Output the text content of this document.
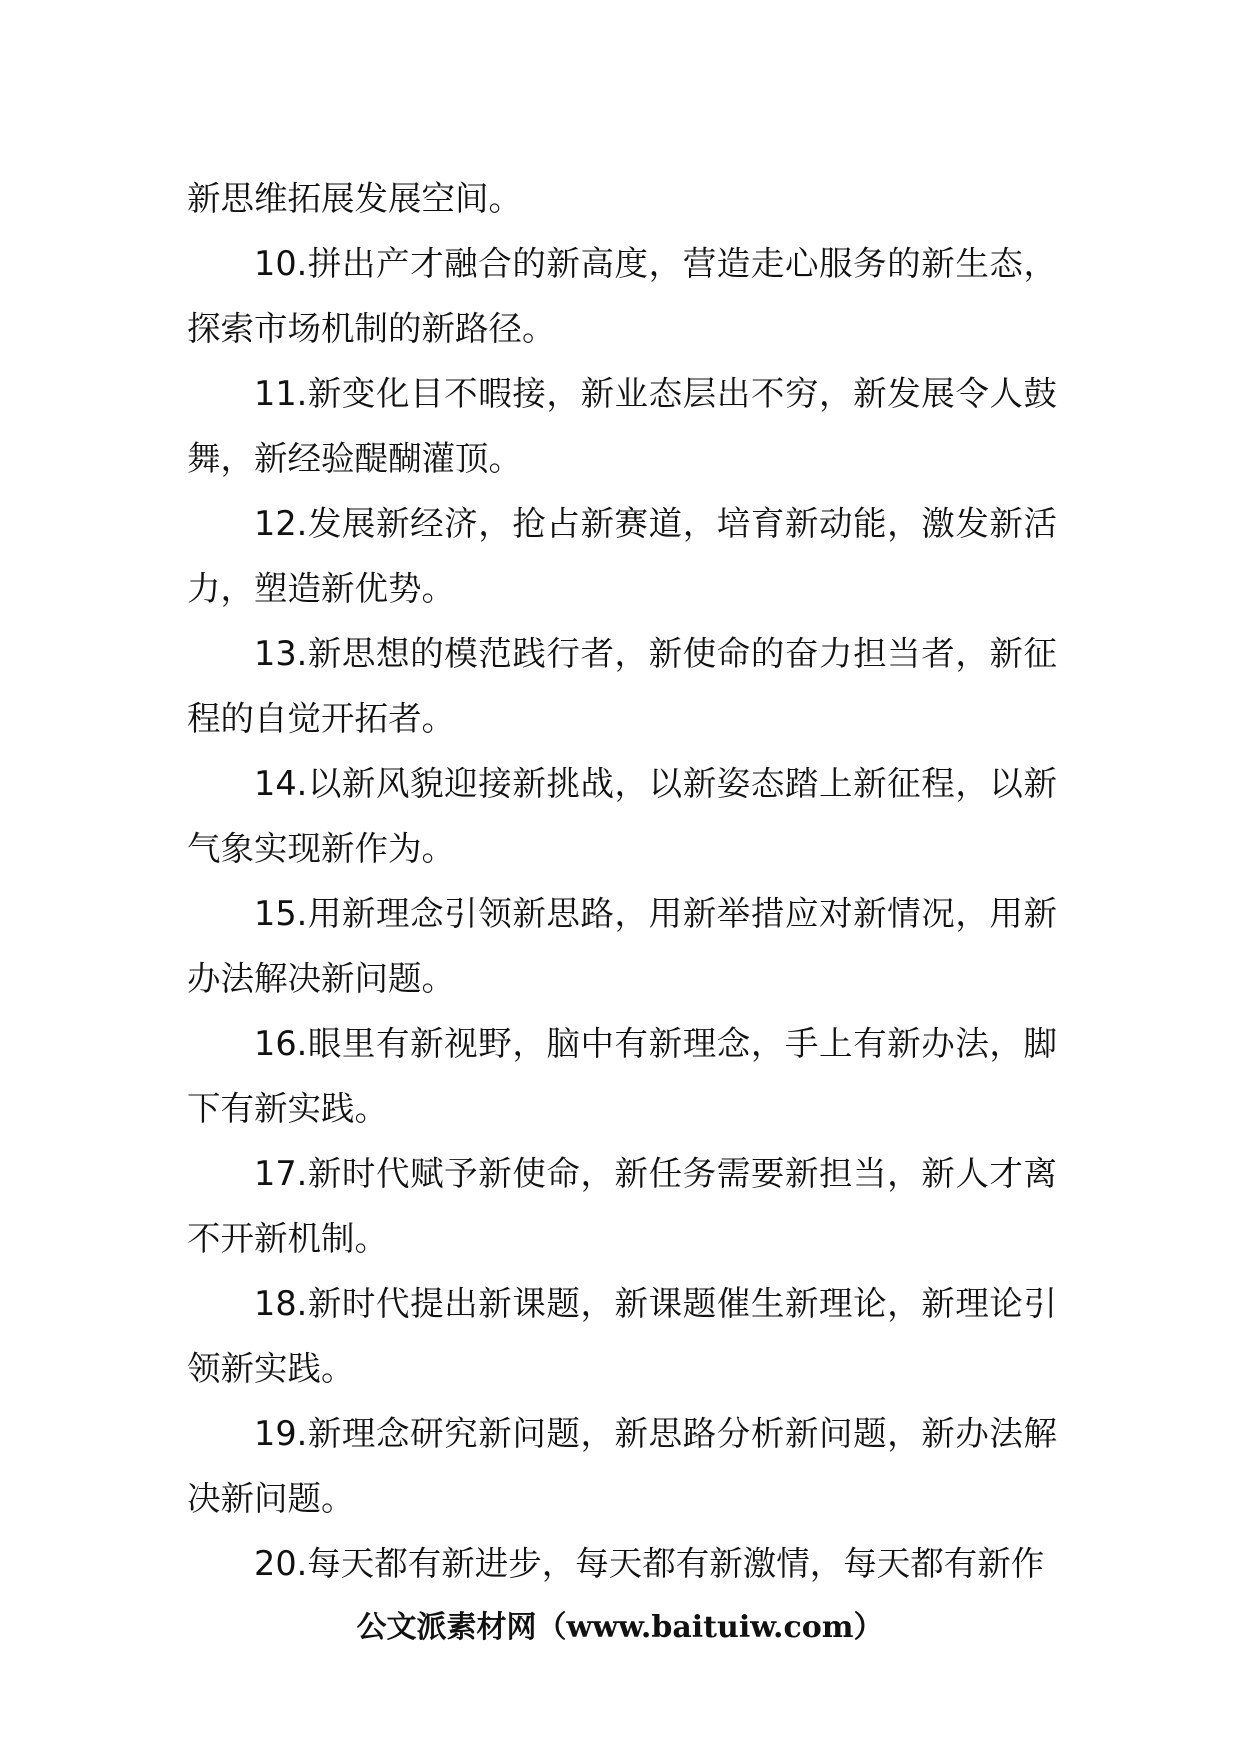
新思维拓展发展空间。

10.拼出产才融合的新高度，营造走心服务的新生态，探索市场机制的新路径。

11.新变化目不暇接，新业态层出不穷，新发展令人鼓舞，新经验醍醐灌顶。

12.发展新经济，抢占新赛道，培育新动能，激发新活力，塑造新优势。

13.新思想的模范践行者，新使命的奋力担当者，新征程的自觉开拓者。

14.以新风貌迎接新挑战，以新姿态踏上新征程，以新气象实现新作为。

15.用新理念引领新思路，用新举措应对新情况，用新办法解决新问题。

16.眼里有新视野，脑中有新理念，手上有新办法，脚下有新实践。

17.新时代赋予新使命，新任务需要新担当，新人才离不开新机制。

18.新时代提出新课题，新课题催生新理论，新理论引领新实践。

19.新理念研究新问题，新思路分析新问题，新办法解决新问题。

20.每天都有新进步，每天都有新激情，每天都有新作

公文派素材网（www.baituiw.com）
